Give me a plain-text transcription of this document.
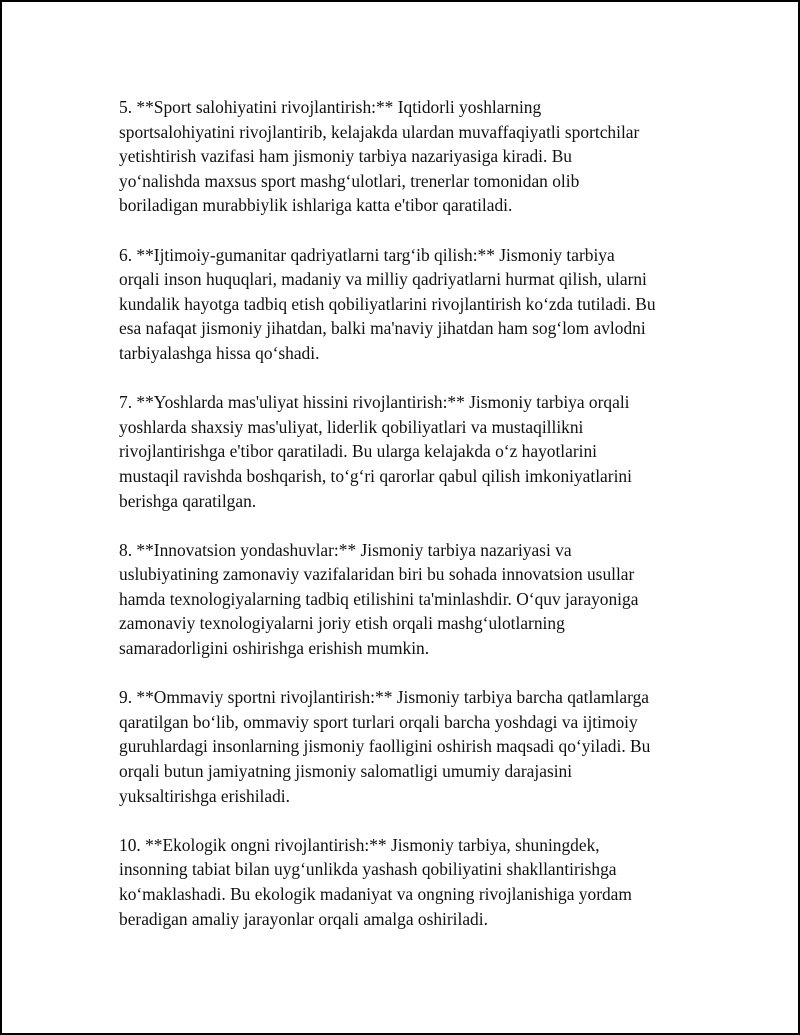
5. **Sport salohiyatini rivojlantirish:** Iqtidorli yoshlarning
sportsalohiyatini rivojlantirib, kelajakda ulardan muvaffaqiyatli sportchilar
yetishtirish vazifasi ham jismoniy tarbiya nazariyasiga kiradi. Bu
yo‘nalishda maxsus sport mashg‘ulotlari, trenerlar tomonidan olib
boriladigan murabbiylik ishlariga katta e'tibor qaratiladi.

6. **Ijtimoiy-gumanitar qadriyatlarni targ‘ib qilish:** Jismoniy tarbiya
orqali inson huquqlari, madaniy va milliy qadriyatlarni hurmat qilish, ularni
kundalik hayotga tadbiq etish qobiliyatlarini rivojlantirish ko‘zda tutiladi. Bu
esa nafaqat jismoniy jihatdan, balki ma'naviy jihatdan ham sog‘lom avlodni
tarbiyalashga hissa qo‘shadi.

7. **Yoshlarda mas'uliyat hissini rivojlantirish:** Jismoniy tarbiya orqali
yoshlarda shaxsiy mas'uliyat, liderlik qobiliyatlari va mustaqillikni
rivojlantirishga e'tibor qaratiladi. Bu ularga kelajakda o‘z hayotlarini
mustaqil ravishda boshqarish, to‘g‘ri qarorlar qabul qilish imkoniyatlarini
berishga qaratilgan.

8. **Innovatsion yondashuvlar:** Jismoniy tarbiya nazariyasi va
uslubiyatining zamonaviy vazifalaridan biri bu sohada innovatsion usullar
hamda texnologiyalarning tadbiq etilishini ta'minlashdir. O‘quv jarayoniga
zamonaviy texnologiyalarni joriy etish orqali mashg‘ulotlarning
samaradorligini oshirishga erishish mumkin.

9. **Ommaviy sportni rivojlantirish:** Jismoniy tarbiya barcha qatlamlarga
qaratilgan bo‘lib, ommaviy sport turlari orqali barcha yoshdagi va ijtimoiy
guruhlardagi insonlarning jismoniy faolligini oshirish maqsadi qo‘yiladi. Bu
orqali butun jamiyatning jismoniy salomatligi umumiy darajasini
yuksaltirishga erishiladi.

10. **Ekologik ongni rivojlantirish:** Jismoniy tarbiya, shuningdek,
insonning tabiat bilan uyg‘unlikda yashash qobiliyatini shakllantirishga
ko‘maklashadi. Bu ekologik madaniyat va ongning rivojlanishiga yordam
beradigan amaliy jarayonlar orqali amalga oshiriladi.
